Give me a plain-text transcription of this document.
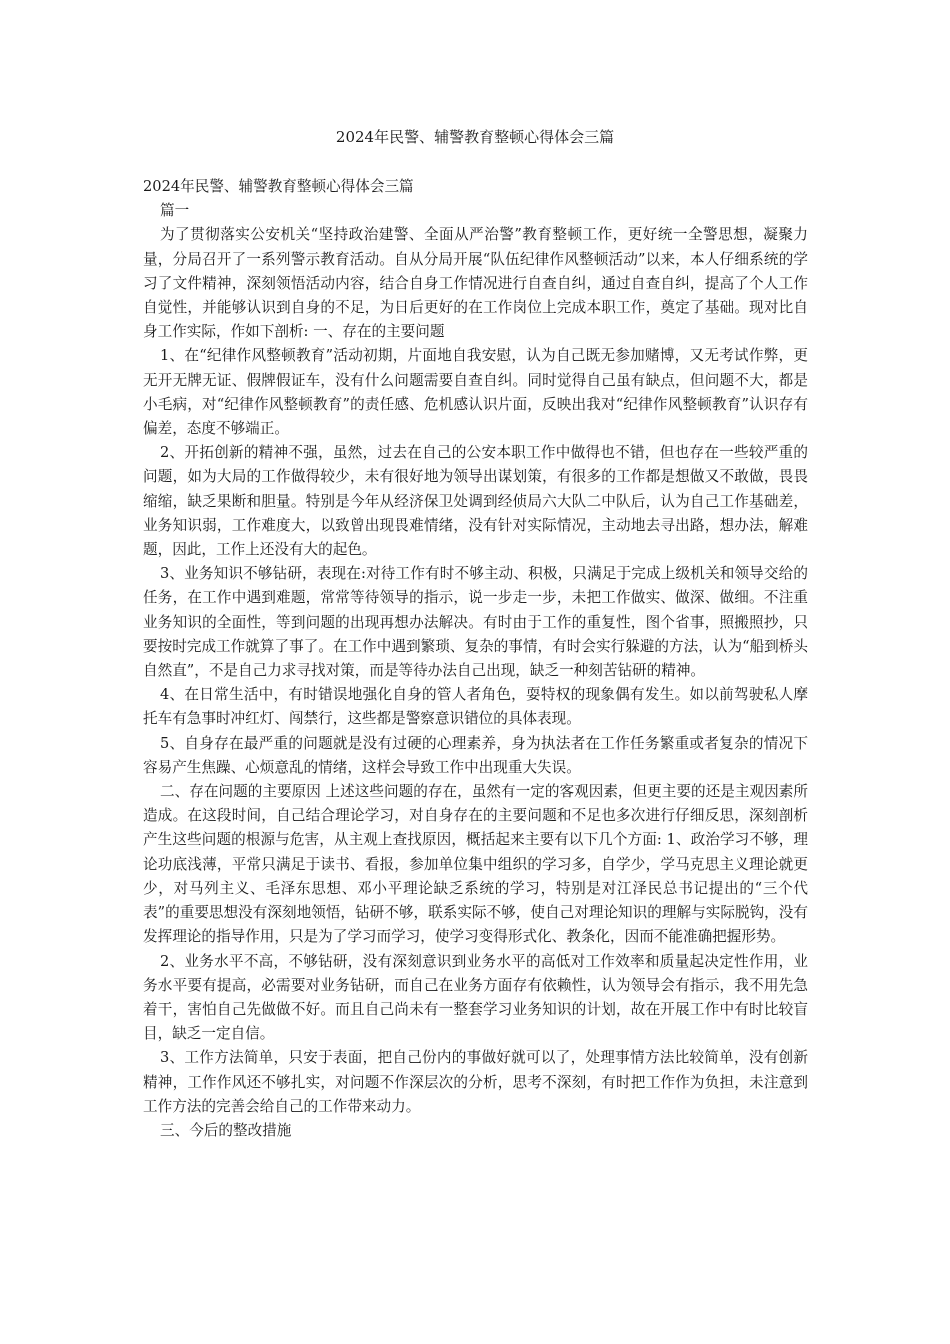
2024年民警、辅警教育整顿心得体会三篇

2024年民警、辅警教育整顿心得体会三篇

篇一

为了贯彻落实公安机关“坚持政治建警、全面从严治警”教育整顿工作，更好统一全警思想，凝聚力量，分局召开了一系列警示教育活动。自从分局开展“队伍纪律作风整顿活动”以来，本人仔细系统的学习了文件精神，深刻领悟活动内容，结合自身工作情况进行自查自纠，通过自查自纠，提高了个人工作自觉性，并能够认识到自身的不足，为日后更好的在工作岗位上完成本职工作，奠定了基础。现对比自身工作实际，作如下剖析: 一、存在的主要问题

1、在“纪律作风整顿教育”活动初期，片面地自我安慰，认为自己既无参加赌博，又无考试作弊，更无开无牌无证、假牌假证车，没有什么问题需要自查自纠。同时觉得自己虽有缺点，但问题不大，都是小毛病，对“纪律作风整顿教育”的责任感、危机感认识片面，反映出我对“纪律作风整顿教育”认识存有偏差，态度不够端正。

2、开拓创新的精神不强，虽然，过去在自己的公安本职工作中做得也不错，但也存在一些较严重的问题，如为大局的工作做得较少，未有很好地为领导出谋划策，有很多的工作都是想做又不敢做，畏畏缩缩，缺乏果断和胆量。特别是今年从经济保卫处调到经侦局六大队二中队后，认为自己工作基础差，业务知识弱，工作难度大，以致曾出现畏难情绪，没有针对实际情况，主动地去寻出路，想办法，解难题，因此，工作上还没有大的起色。

3、业务知识不够钻研，表现在:对待工作有时不够主动、积极，只满足于完成上级机关和领导交给的任务，在工作中遇到难题，常常等待领导的指示，说一步走一步，未把工作做实、做深、做细。不注重业务知识的全面性，等到问题的出现再想办法解决。有时由于工作的重复性，图个省事，照搬照抄，只要按时完成工作就算了事了。在工作中遇到繁琐、复杂的事情，有时会实行躲避的方法，认为“船到桥头自然直”，不是自己力求寻找对策，而是等待办法自己出现，缺乏一种刻苦钻研的精神。

4、在日常生活中，有时错误地强化自身的管人者角色，耍特权的现象偶有发生。如以前驾驶私人摩托车有急事时冲红灯、闯禁行，这些都是警察意识错位的具体表现。

5、自身存在最严重的问题就是没有过硬的心理素养，身为执法者在工作任务繁重或者复杂的情况下容易产生焦躁、心烦意乱的情绪，这样会导致工作中出现重大失误。

二、存在问题的主要原因 上述这些问题的存在，虽然有一定的客观因素，但更主要的还是主观因素所造成。在这段时间，自己结合理论学习，对自身存在的主要问题和不足也多次进行仔细反思，深刻剖析产生这些问题的根源与危害，从主观上查找原因，概括起来主要有以下几个方面: 1、政治学习不够，理论功底浅薄，平常只满足于读书、看报，参加单位集中组织的学习多，自学少，学马克思主义理论就更少，对马列主义、毛泽东思想、邓小平理论缺乏系统的学习，特别是对江泽民总书记提出的“三个代表”的重要思想没有深刻地领悟，钻研不够，联系实际不够，使自己对理论知识的理解与实际脱钩，没有发挥理论的指导作用，只是为了学习而学习，使学习变得形式化、教条化，因而不能准确把握形势。

2、业务水平不高，不够钻研，没有深刻意识到业务水平的高低对工作效率和质量起决定性作用，业务水平要有提高，必需要对业务钻研，而自己在业务方面存有依赖性，认为领导会有指示，我不用先急着干，害怕自己先做做不好。而且自己尚未有一整套学习业务知识的计划，故在开展工作中有时比较盲目，缺乏一定自信。

3、工作方法简单，只安于表面，把自己份内的事做好就可以了，处理事情方法比较简单，没有创新精神，工作作风还不够扎实，对问题不作深层次的分析，思考不深刻，有时把工作作为负担，未注意到工作方法的完善会给自己的工作带来动力。

三、今后的整改措施
